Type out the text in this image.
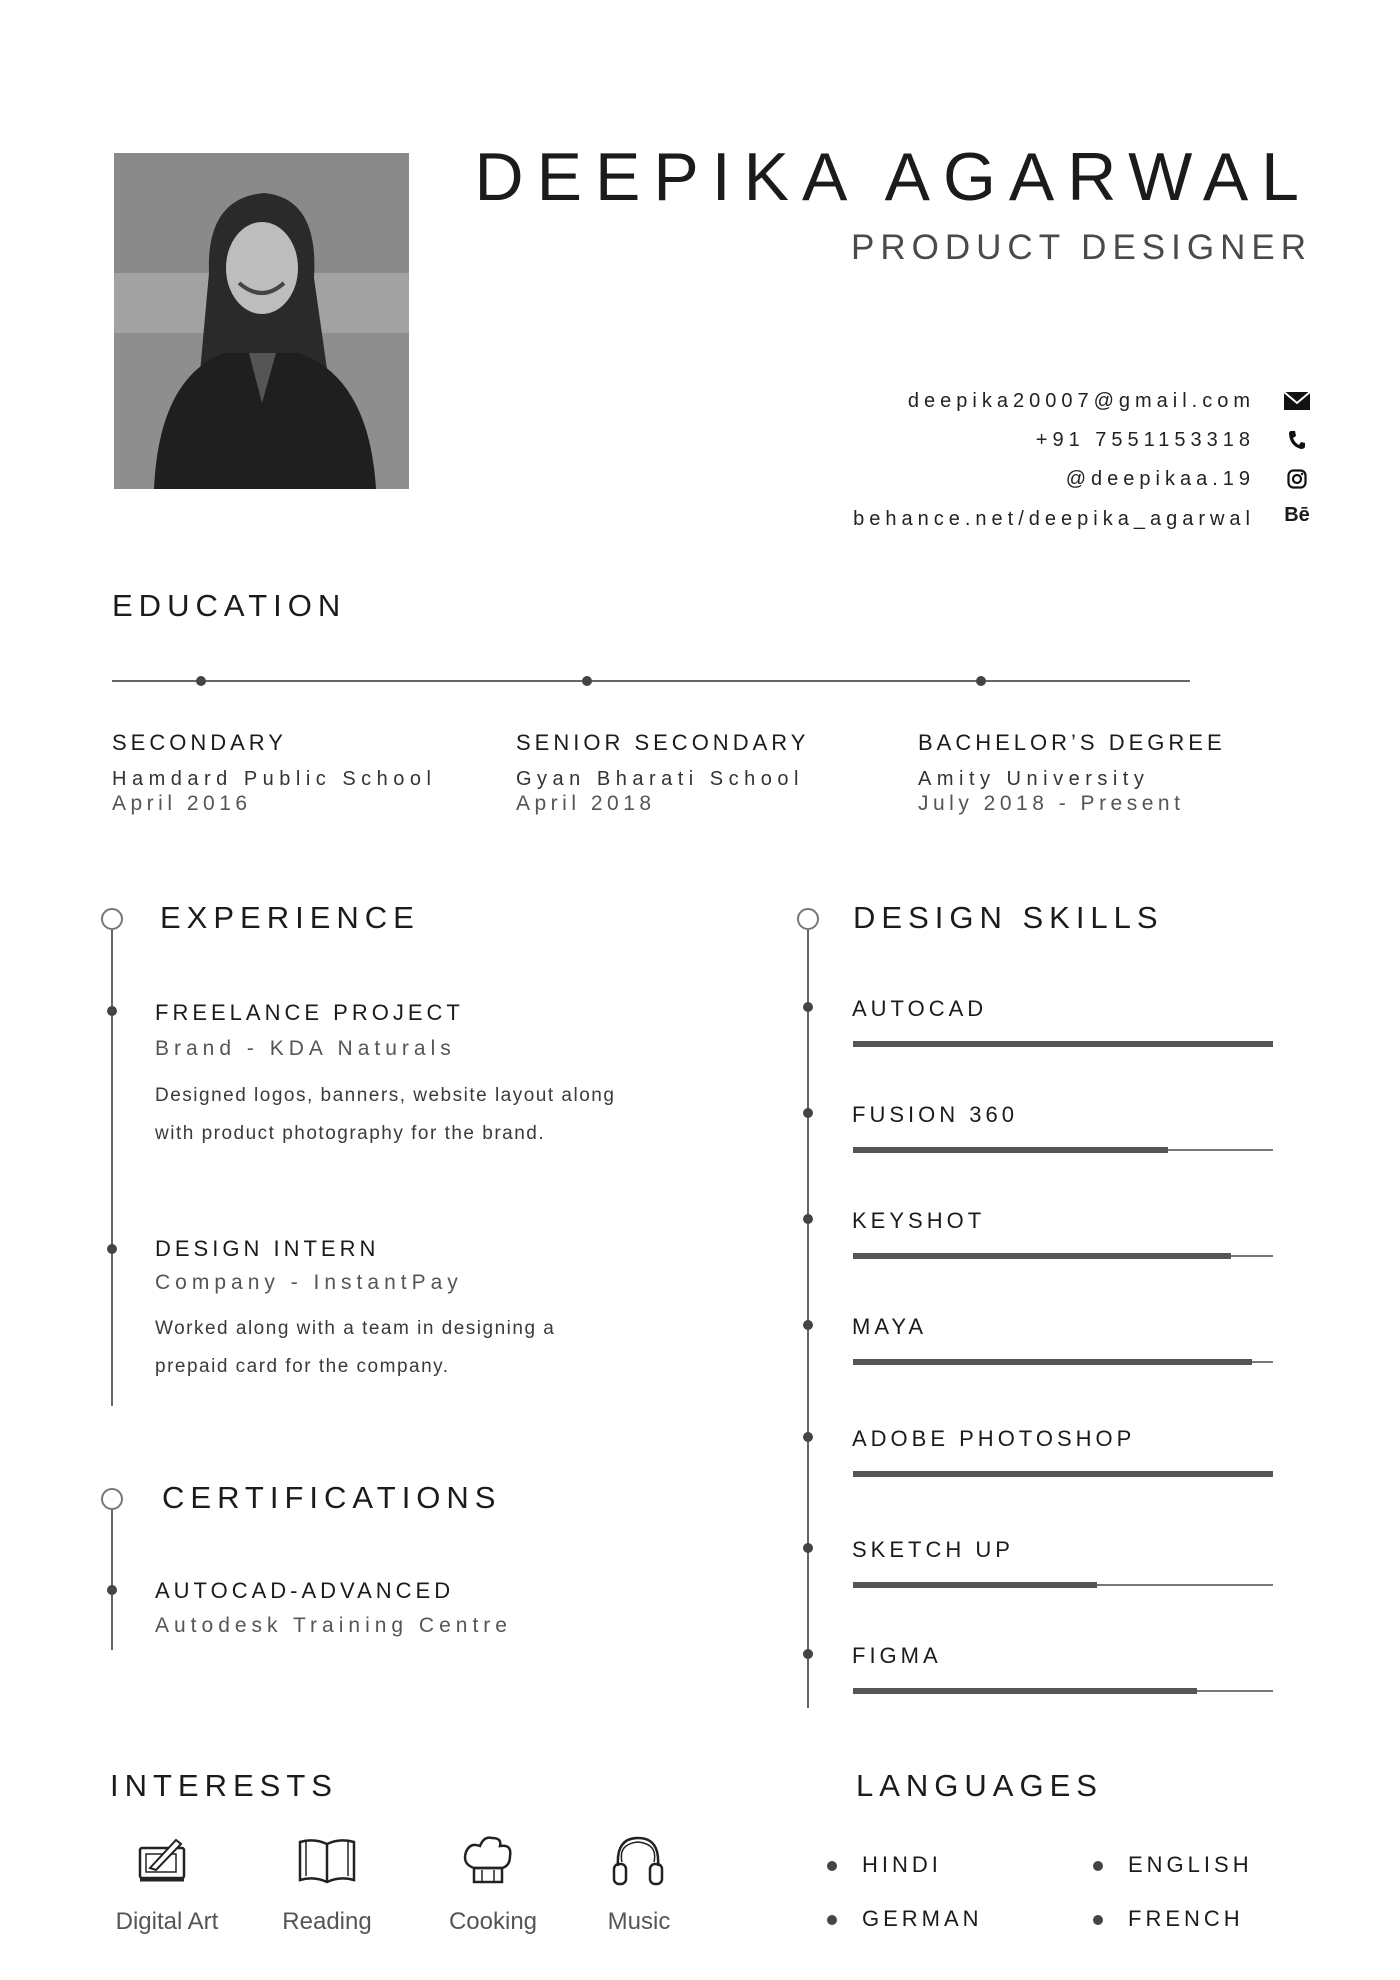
DEEPIKA AGARWAL
PRODUCT DESIGNER
deepika20007@gmail.com
+91 7551153318
@deepikaa.19
behance.net/deepika_agarwal Bē
EDUCATION
SECONDARY
Hamdard Public School
April 2016
SENIOR SECONDARY
Gyan Bharati School
April 2018
BACHELOR’S DEGREE
Amity University
July 2018 - Present
EXPERIENCE
FREELANCE PROJECT
Brand - KDA Naturals
Designed logos, banners, website layout along with product photography for the brand.
DESIGN INTERN
Company - InstantPay
Worked along with a team in designing a prepaid card for the company.
CERTIFICATIONS
AUTOCAD-ADVANCED
Autodesk Training Centre
DESIGN SKILLS
AUTOCAD
FUSION 360
KEYSHOT
MAYA
ADOBE PHOTOSHOP
SKETCH UP
FIGMA
INTERESTS
Digital Art	Reading	Cooking	Music
LANGUAGES
HINDI	ENGLISH
GERMAN	FRENCH
